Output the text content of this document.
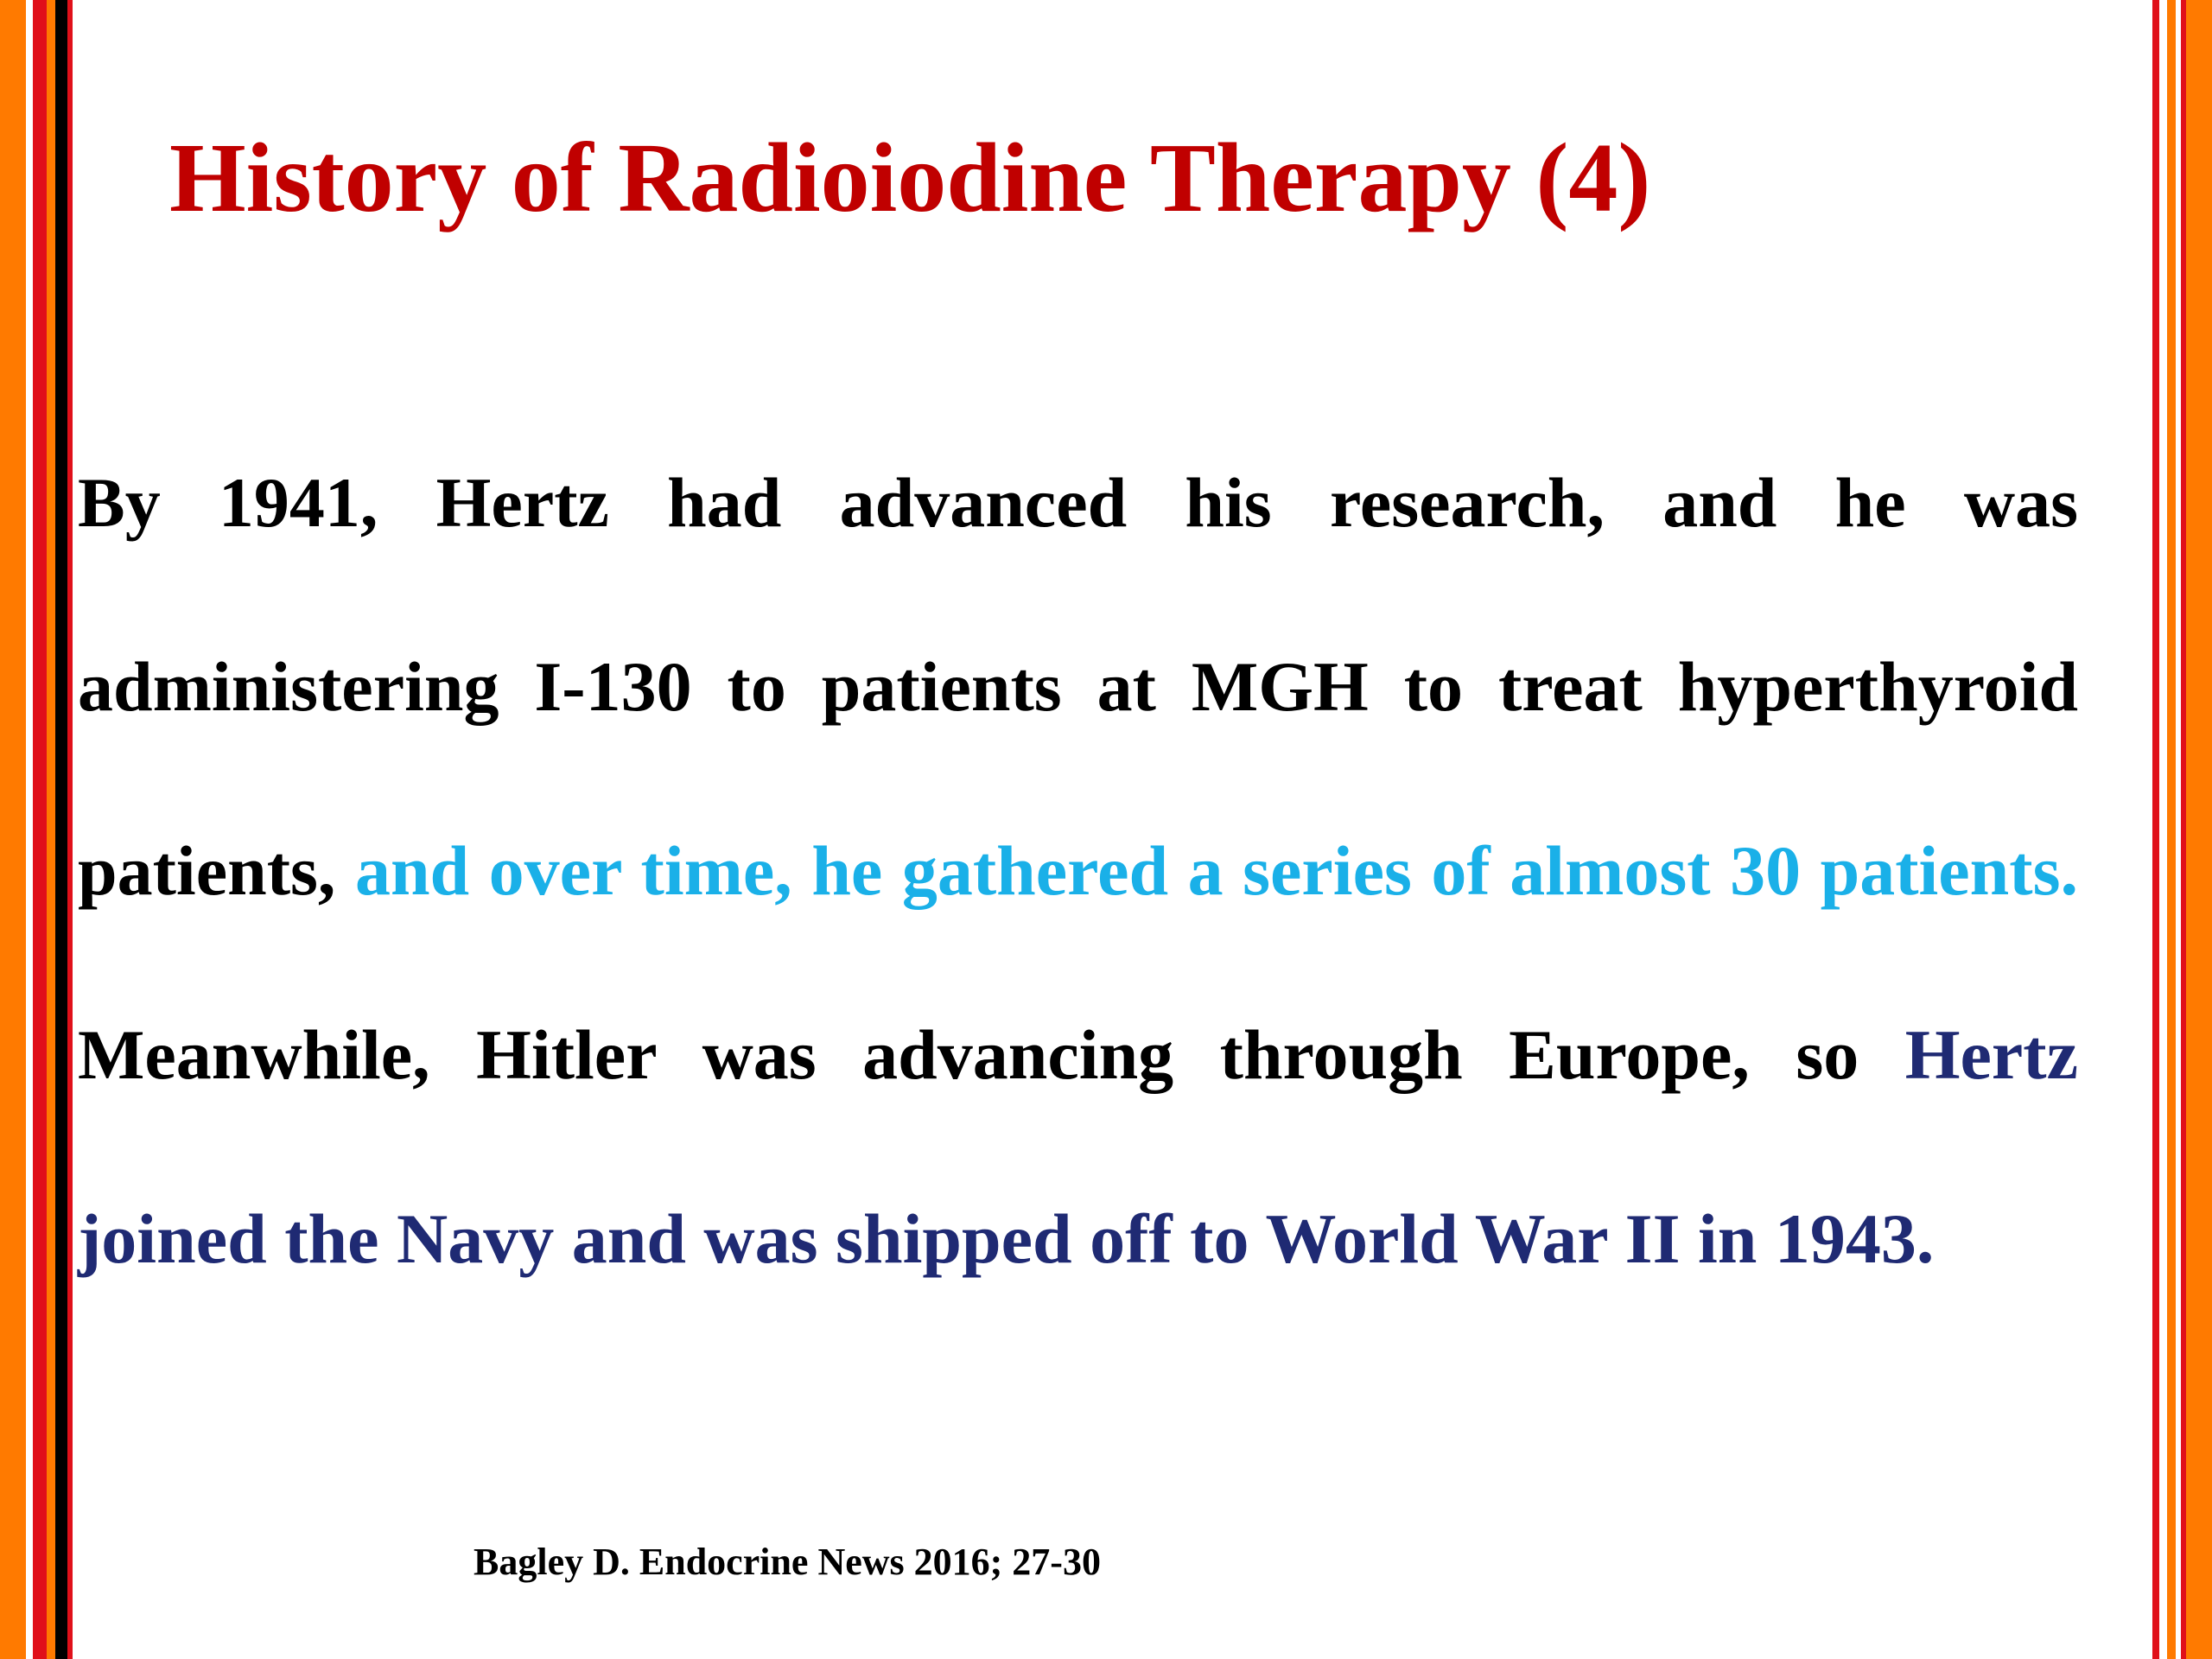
History of Radioiodine Therapy (4)

By 1941, Hertz had advanced his research, and he was administering I-130 to patients at MGH to treat hyperthyroid patients, and over time, he gathered a series of almost 30 patients. Meanwhile, Hitler was advancing through Europe, so Hertz joined the Navy and was shipped off to World War II in 1943.

Bagley D. Endocrine News 2016; 27-30
